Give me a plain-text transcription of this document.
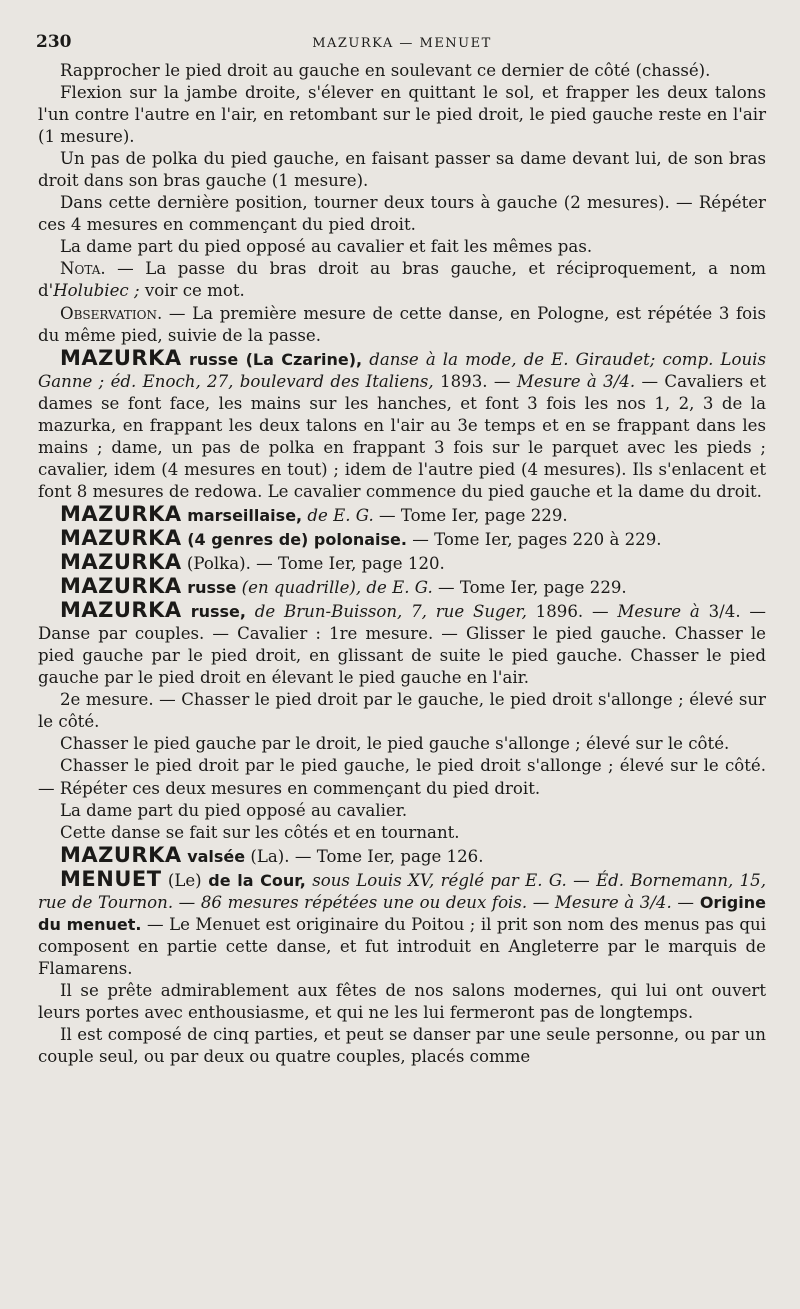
230	MAZURKA — MENUET

Rapprocher le pied droit au gauche en soulevant ce dernier de côté (chassé).

Flexion sur la jambe droite, s'élever en quittant le sol, et frapper les deux talons l'un contre l'autre en l'air, en retombant sur le pied droit, le pied gauche reste en l'air (1 mesure).

Un pas de polka du pied gauche, en faisant passer sa dame devant lui, de son bras droit dans son bras gauche (1 mesure).

Dans cette dernière position, tourner deux tours à gauche (2 mesures). — Répéter ces 4 mesures en commençant du pied droit.

La dame part du pied opposé au cavalier et fait les mêmes pas.

Nota. — La passe du bras droit au bras gauche, et réciproquement, a nom d'Holubiec ; voir ce mot.

Observation. — La première mesure de cette danse, en Pologne, est répétée 3 fois du même pied, suivie de la passe.

MAZURKA russe (La Czarine), danse à la mode, de E. Giraudet; comp. Louis Ganne ; éd. Enoch, 27, boulevard des Italiens, 1893. — Mesure à 3/4. — Cavaliers et dames se font face, les mains sur les hanches, et font 3 fois les nos 1, 2, 3 de la mazurka, en frappant les deux talons en l'air au 3e temps et en se frappant dans les mains ; dame, un pas de polka en frappant 3 fois sur le parquet avec les pieds ; cavalier, idem (4 mesures en tout) ; idem de l'autre pied (4 mesures). Ils s'enlacent et font 8 mesures de redowa. Le cavalier commence du pied gauche et la dame du droit.

MAZURKA marseillaise, de E. G. — Tome Ier, page 229.

MAZURKA (4 genres de) polonaise. — Tome Ier, pages 220 à 229.

MAZURKA (Polka). — Tome Ier, page 120.

MAZURKA russe (en quadrille), de E. G. — Tome Ier, page 229.

MAZURKA russe, de Brun-Buisson, 7, rue Suger, 1896. — Mesure à 3/4. — Danse par couples. — Cavalier : 1re mesure. — Glisser le pied gauche. Chasser le pied gauche par le pied droit, en glissant de suite le pied gauche. Chasser le pied gauche par le pied droit en élevant le pied gauche en l'air.

2e mesure. — Chasser le pied droit par le gauche, le pied droit s'allonge ; élevé sur le côté.

Chasser le pied gauche par le droit, le pied gauche s'allonge ; élevé sur le côté.

Chasser le pied droit par le pied gauche, le pied droit s'allonge ; élevé sur le côté. — Répéter ces deux mesures en commençant du pied droit.

La dame part du pied opposé au cavalier.

Cette danse se fait sur les côtés et en tournant.

MAZURKA valsée (La). — Tome Ier, page 126.

MENUET (Le) de la Cour, sous Louis XV, réglé par E. G. — Éd. Bornemann, 15, rue de Tournon. — 86 mesures répétées une ou deux fois. — Mesure à 3/4. — Origine du menuet. — Le Menuet est originaire du Poitou ; il prit son nom des menus pas qui composent en partie cette danse, et fut introduit en Angleterre par le marquis de Flamarens.

Il se prête admirablement aux fêtes de nos salons modernes, qui lui ont ouvert leurs portes avec enthousiasme, et qui ne les lui fermeront pas de longtemps.

Il est composé de cinq parties, et peut se danser par une seule personne, ou par un couple seul, ou par deux ou quatre couples, placés comme
